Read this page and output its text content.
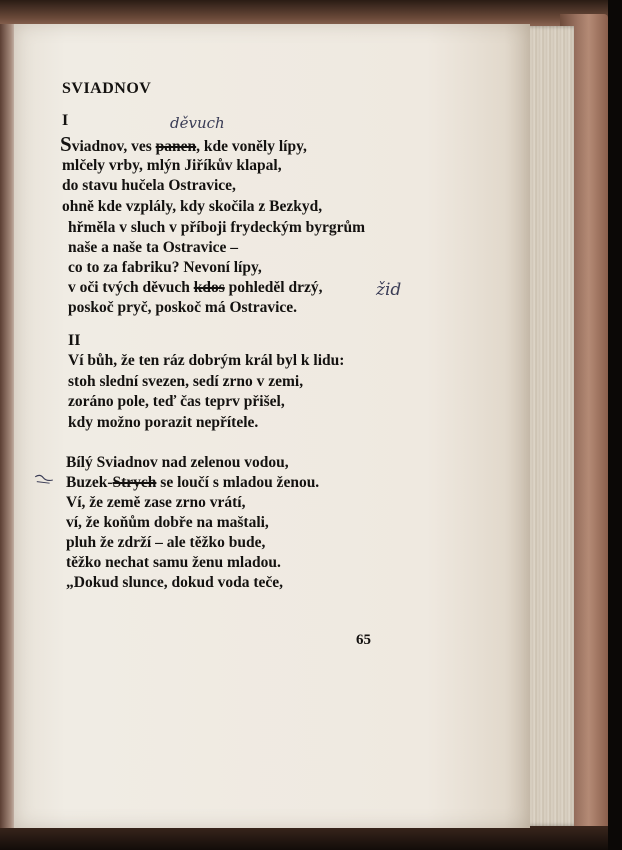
SVIADNOV
I
Sviadnov, ves panen, kde voněly lípy,
děvuch
mlčely vrby, mlýn Jiříkův klapal,
do stavu hučela Ostravice,
ohně kde vzplály, kdy skočila z Bezkyd,
hřměla v sluch v příboji frydeckým byrgrům
naše a naše ta Ostravice –
co to za fabriku? Nevoní lípy,
v oči tvých děvuch kdos pohleděl drzý,	žid
poskoč pryč, poskoč má Ostravice.
II
Ví bůh, že ten ráz dobrým král byl k lidu:
stoh slední svezen, sedí zrno v zemi,
zoráno pole, teď čas teprv přišel,
kdy možno porazit nepřítele.
Bílý Sviadnov nad zelenou vodou,
Buzek-Strych se loučí s mladou ženou.
Ví, že země zase zrno vrátí,
ví, že koňům dobře na maštali,
pluh že zdrží – ale těžko bude,
těžko nechat samu ženu mladou.
„Dokud slunce, dokud voda teče,
65
